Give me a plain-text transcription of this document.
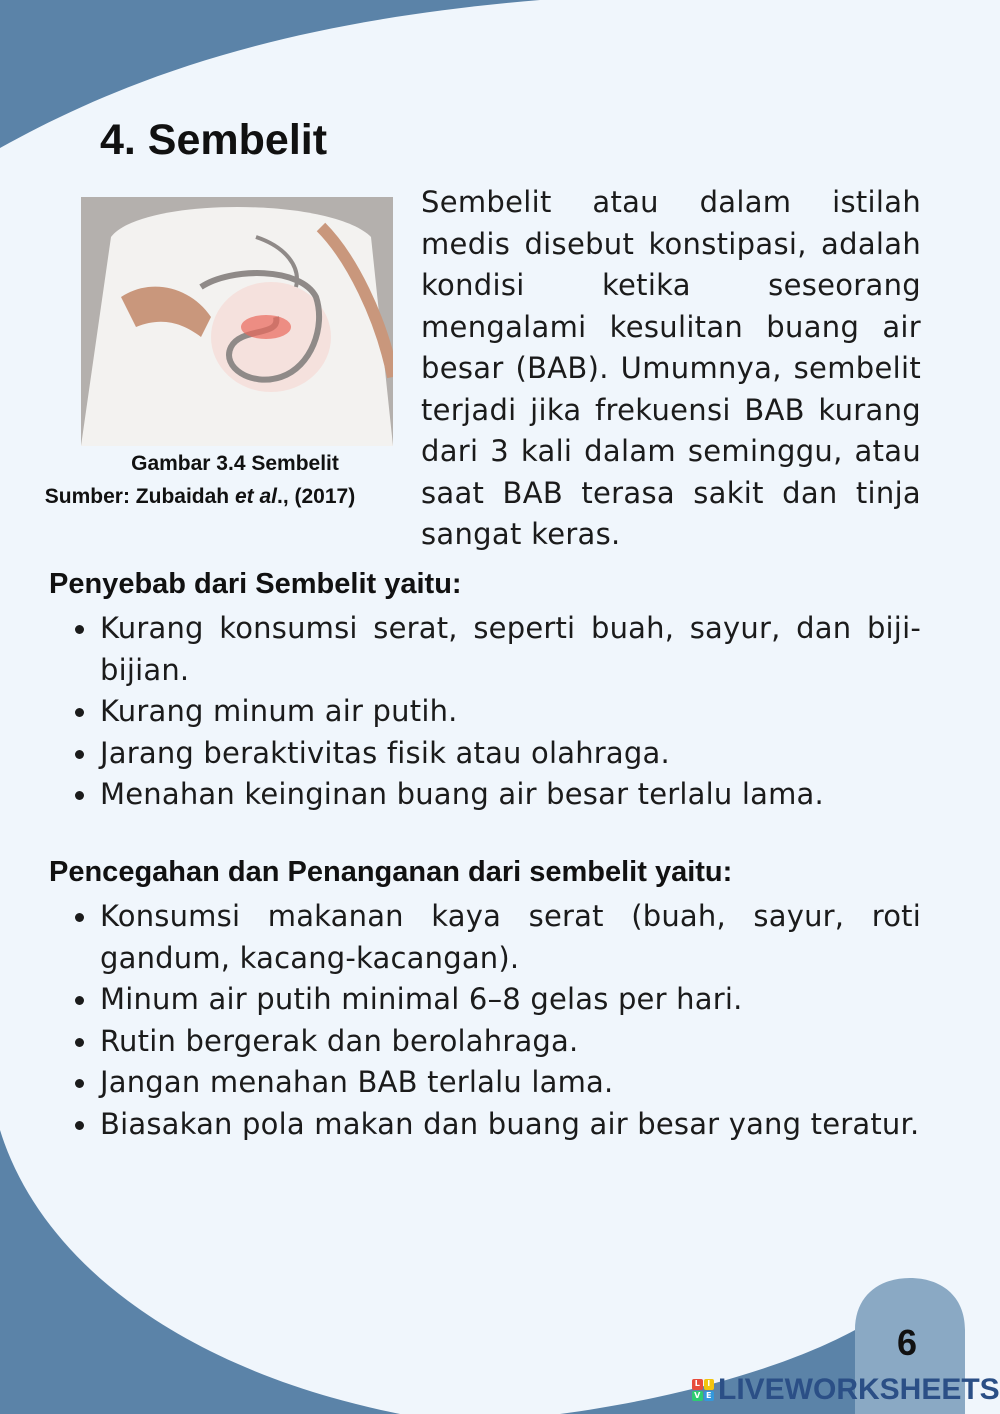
4. Sembelit

Gambar 3.4 Sembelit

Sumber: Zubaidah et al., (2017)

Sembelit atau dalam istilah medis disebut konstipasi, adalah kondisi ketika seseorang mengalami kesulitan buang air besar (BAB). Umumnya, sembelit terjadi jika frekuensi BAB kurang dari 3 kali dalam seminggu, atau saat BAB terasa sakit dan tinja sangat keras.

Penyebab dari Sembelit yaitu:
Kurang konsumsi serat, seperti buah, sayur, dan biji-bijian.
Kurang minum air putih.
Jarang beraktivitas fisik atau olahraga.
Menahan keinginan buang air besar terlalu lama.
Pencegahan dan Penanganan dari sembelit yaitu:
Konsumsi makanan kaya serat (buah, sayur, roti gandum, kacang-kacangan).
Minum air putih minimal 6–8 gelas per hari.
Rutin bergerak dan berolahraga.
Jangan menahan BAB terlalu lama.
Biasakan pola makan dan buang air besar yang teratur.

6

L I
V E LIVEWORKSHEETS
